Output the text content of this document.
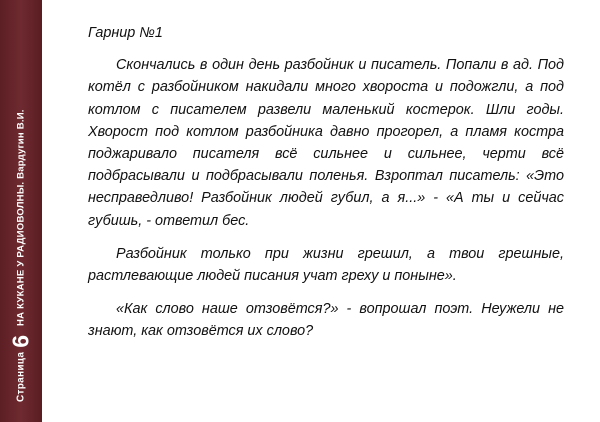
Страница
6
НА КУКАНЕ У РАДИОВОЛНЫ. Вардугин В.И.
Гарнир №1

Скончались в один день разбойник и писатель. Попали в ад. Под котёл с разбойником накидали много хвороста и подожгли, а под котлом с писателем развели маленький костерок. Шли годы. Хворост под котлом разбойника давно прогорел, а пламя костра поджаривало писателя всё сильнее и сильнее, черти всё подбрасывали и подбрасывали поленья. Взроптал писатель: «Это несправедливо! Разбойник людей губил, а я...» - «А ты и сейчас губишь, - ответил бес.

Разбойник только при жизни грешил, а твои грешные, растлевающие людей писания учат греху и поныне».

«Как слово наше отзовётся?» - вопрошал поэт. Неужели не знают, как отзовётся их слово?
